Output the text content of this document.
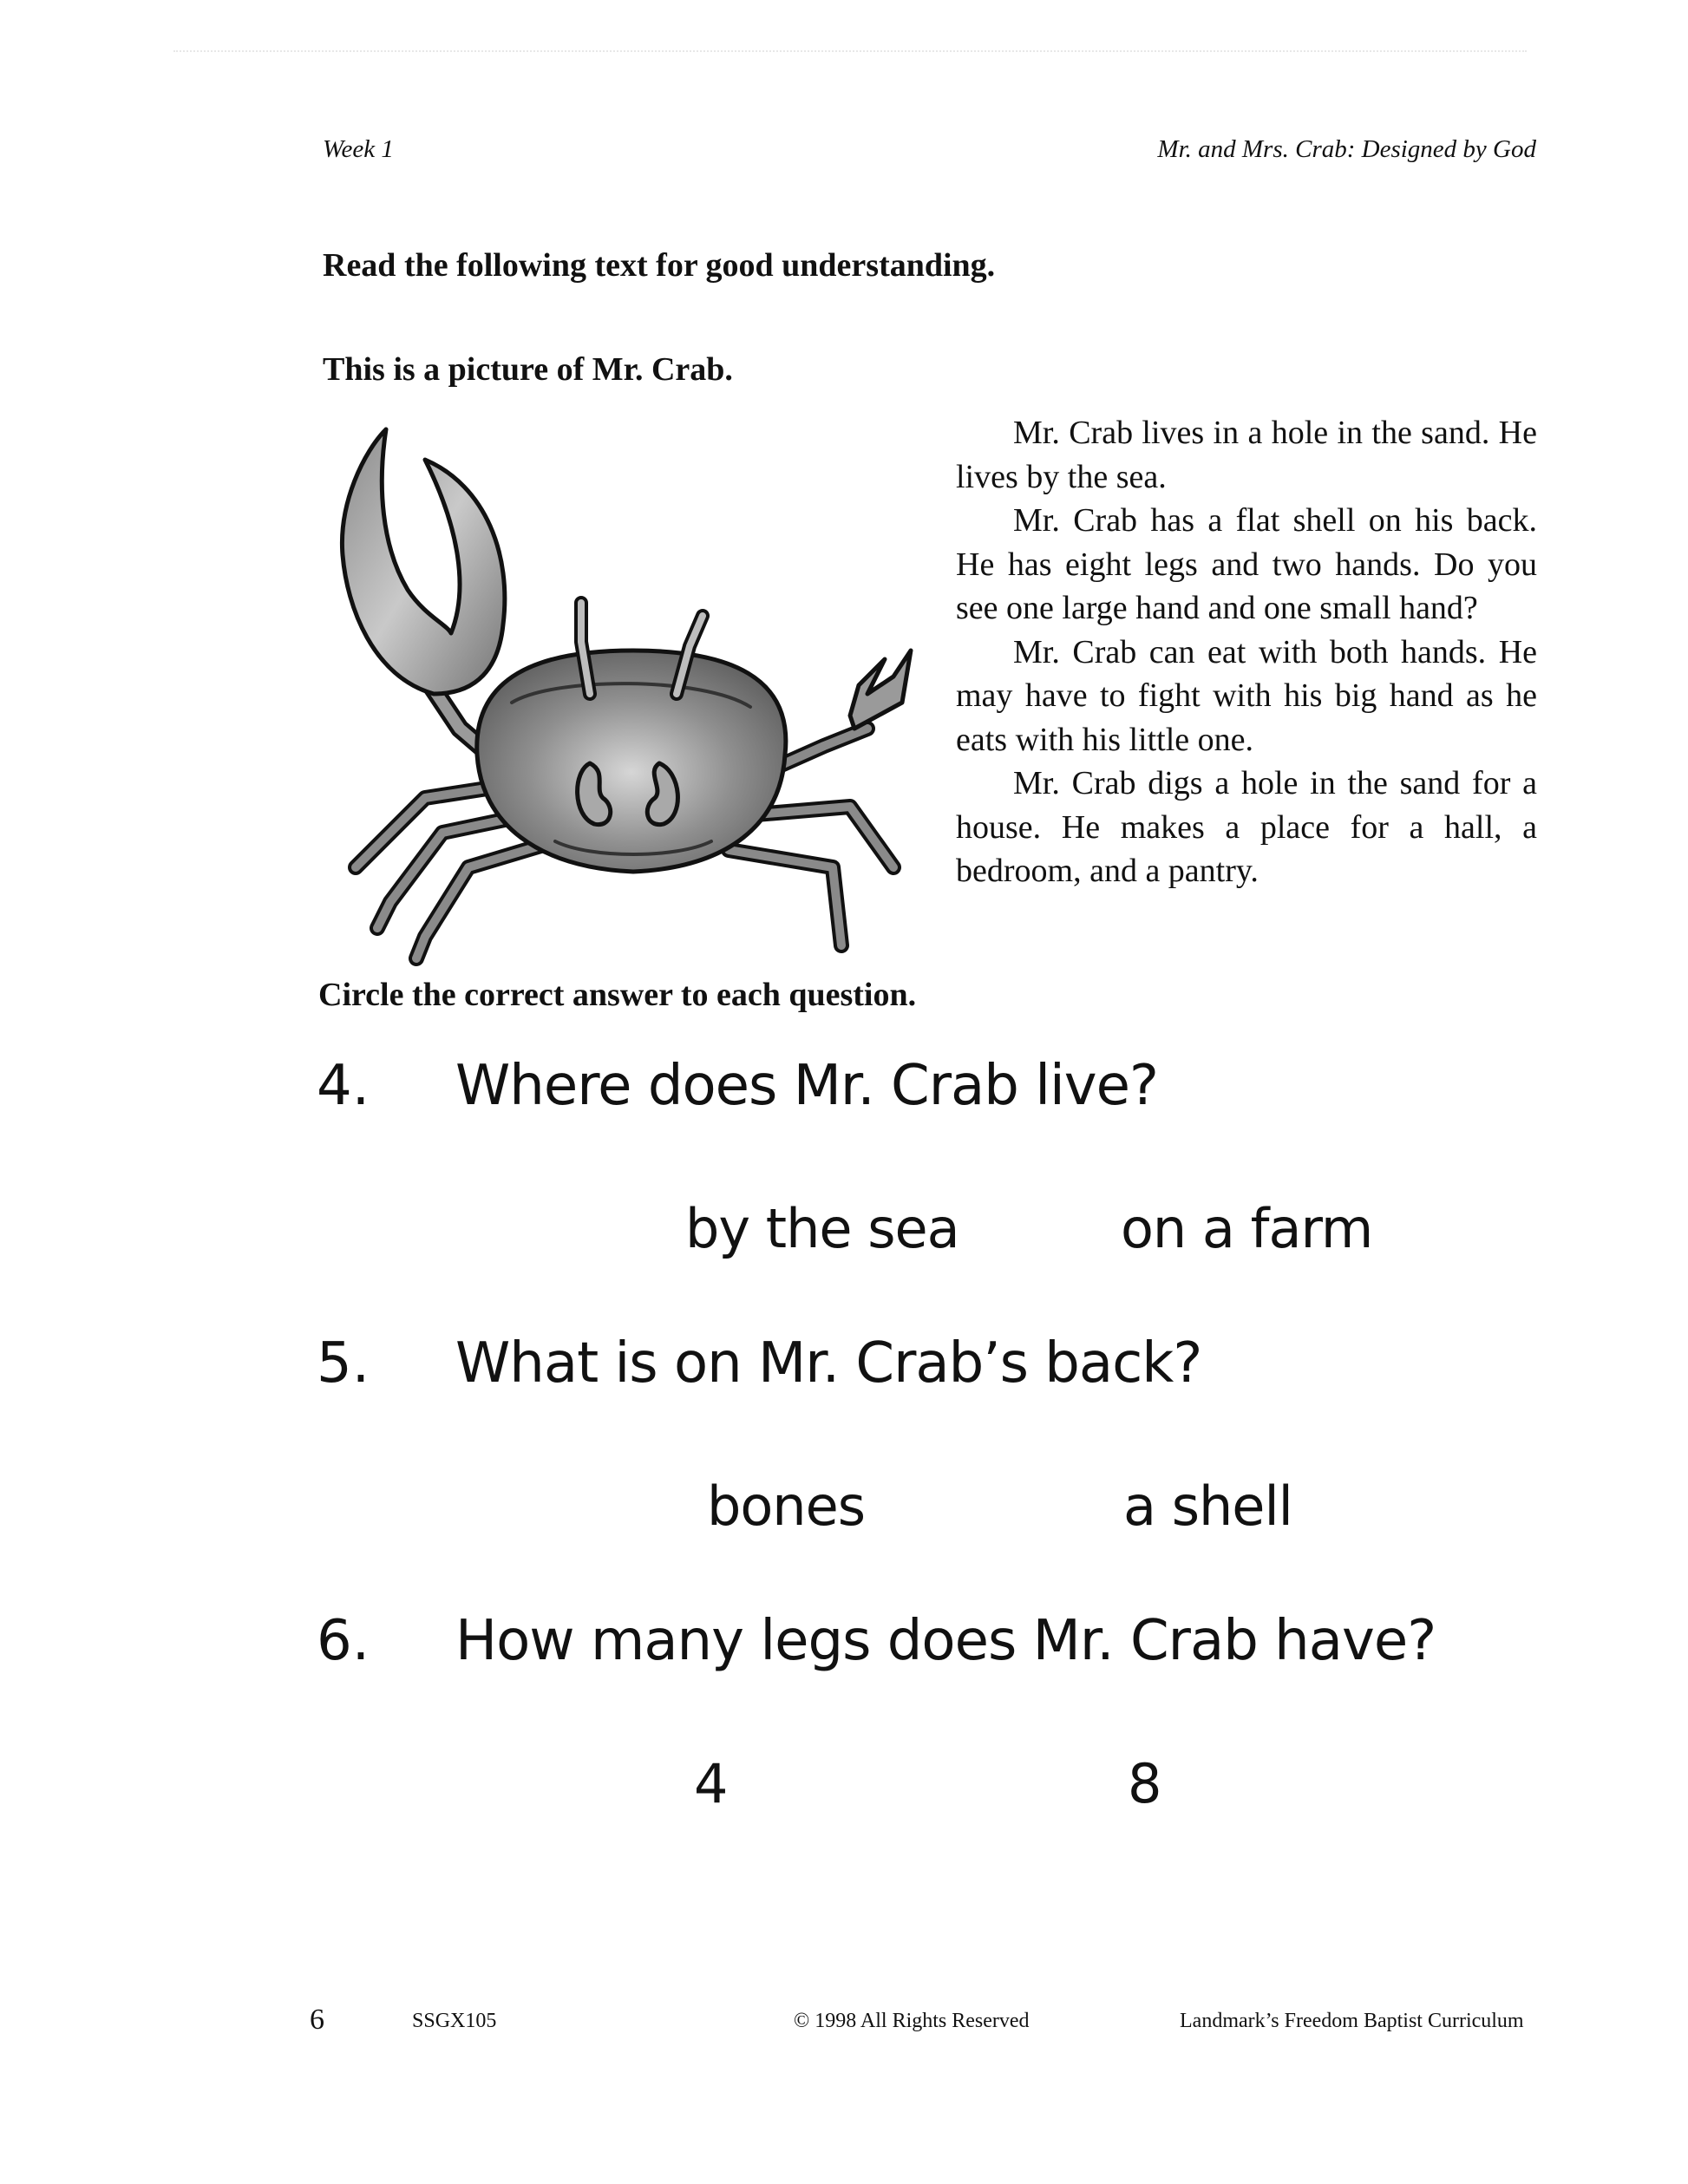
Week 1	Mr. and Mrs. Crab: Designed by God
Read the following text for good understanding.
This is a picture of Mr. Crab.

Mr. Crab lives in a hole in the sand. He lives by the sea.

Mr. Crab has a flat shell on his back. He has eight legs and two hands. Do you see one large hand and one small hand?

Mr. Crab can eat with both hands. He may have to fight with his big hand as he eats with his little one.

Mr. Crab digs a hole in the sand for a house. He makes a place for a hall, a bedroom, and a pantry.

Circle the correct answer to each question.
4. Where does Mr. Crab live?
by the sea	on a farm
5. What is on Mr. Crab’s back?
bones	a shell
6. How many legs does Mr. Crab have?
4	8
6	SSGX105	© 1998 All Rights Reserved	Landmark’s Freedom Baptist Curriculum
